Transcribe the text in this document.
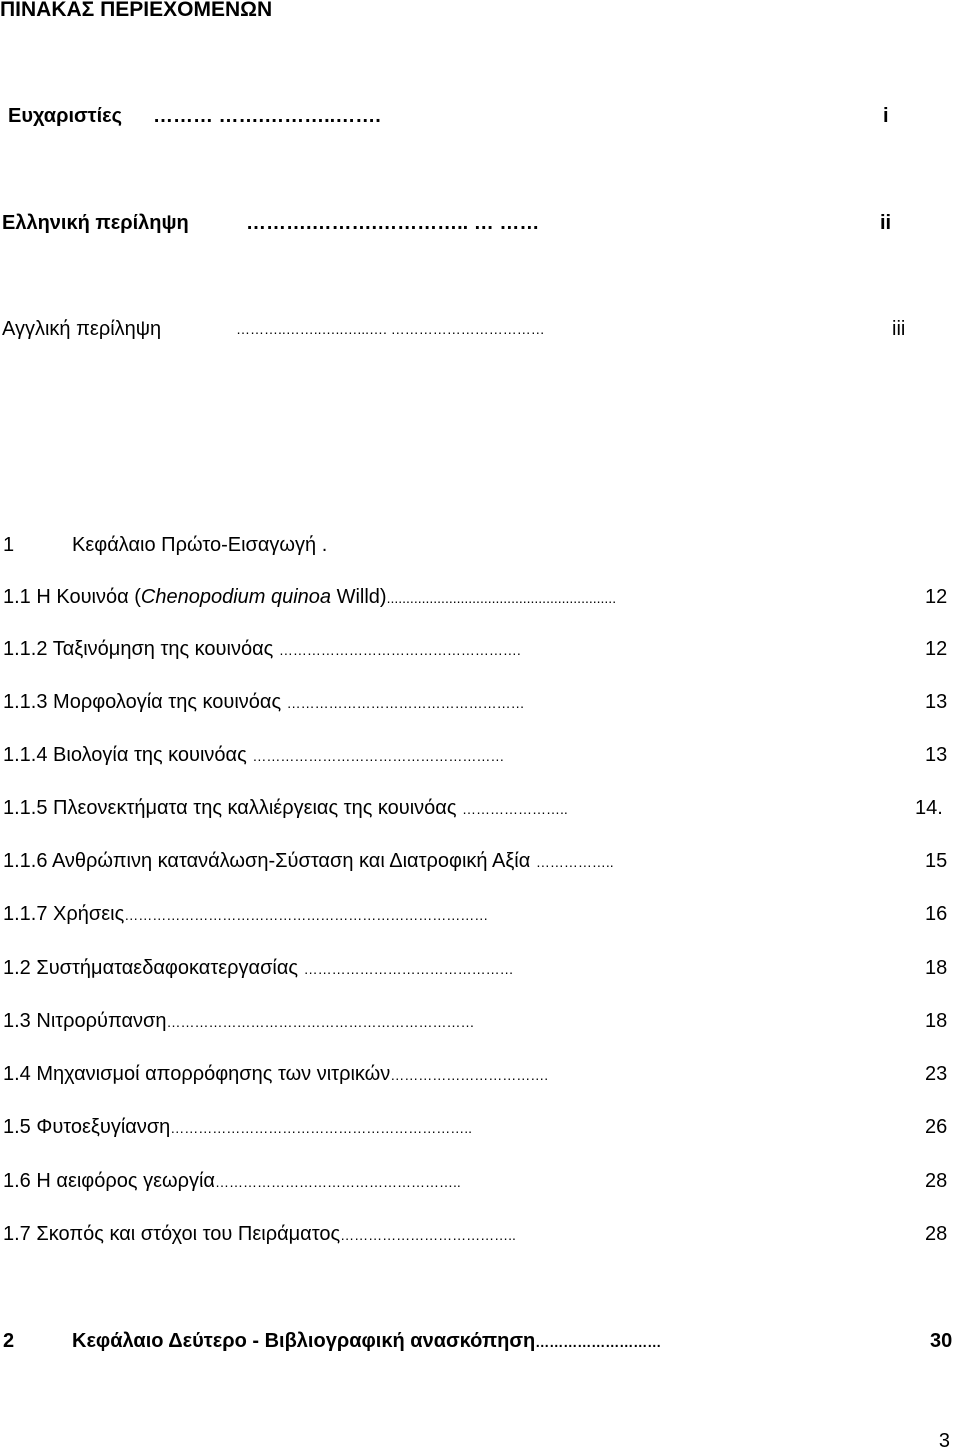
ΠΙΝΑΚΑΣ ΠΕΡΙΕΧΟΜΕΝΩΝ
Ευχαριστίες ……… …….………..…….	i
Ελληνική περίληψη	……….……….………….. … ……	ii
Αγγλική περίληψη	………..……..…..…...…. ……………………………	iii
1	Κεφάλαιο Πρώτο-Εισαγωγή .
1.1 Η Κουινόα (Chenopodium quinoa Willd)...........................................................	12
1.1.2 Ταξινόμηση της κουινόας …………………………………………….	12
1.1.3 Μορφολογία της κουινόας ……………………………………………	13
1.1.4 Βιολογία της κουινόας ………………………………………………	13
1.1.5 Πλεονεκτήματα της καλλιέργειας της κουινόας …………………..	14.
1.1.6 Ανθρώπινη κατανάλωση-Σύσταση και Διατροφική Αξία ……………..	15
1.1.7 Χρήσεις……………………………………………………………………	16
1.2 Συστήματαεδαφοκατεργασίας ………………………………………	18
1.3 Νιτρορύπανση…………………………………………………………	18
1.4 Μηχανισμοί απορρόφησης των νιτρικών…………………………….	23
1.5 Φυτοεξυγίανση………………………………………………………..	26
1.6 Η αειφόρος γεωργία……………………………………………..	28
1.7 Σκοπός και στόχοι του Πειράματος………………………………..	28
2	Κεφάλαιο Δεύτερο - Βιβλιογραφική ανασκόπηση………………………	30
3
